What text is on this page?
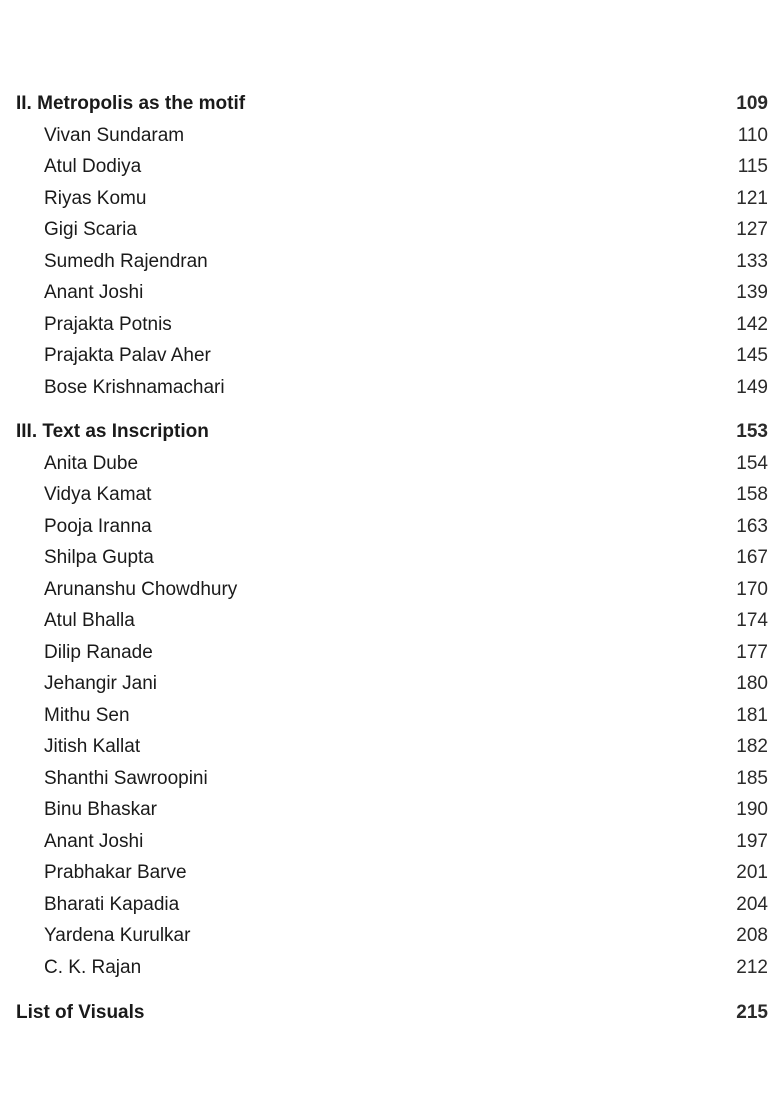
II. Metropolis as the motif	109
Vivan Sundaram	110
Atul Dodiya	115
Riyas Komu	121
Gigi Scaria	127
Sumedh Rajendran	133
Anant Joshi	139
Prajakta Potnis	142
Prajakta Palav Aher	145
Bose Krishnamachari	149
III. Text as Inscription	153
Anita Dube	154
Vidya Kamat	158
Pooja Iranna	163
Shilpa Gupta	167
Arunanshu Chowdhury	170
Atul Bhalla	174
Dilip Ranade	177
Jehangir Jani	180
Mithu Sen	181
Jitish Kallat	182
Shanthi Sawroopini	185
Binu Bhaskar	190
Anant Joshi	197
Prabhakar Barve	201
Bharati Kapadia	204
Yardena Kurulkar	208
C. K. Rajan	212
List of Visuals	215
